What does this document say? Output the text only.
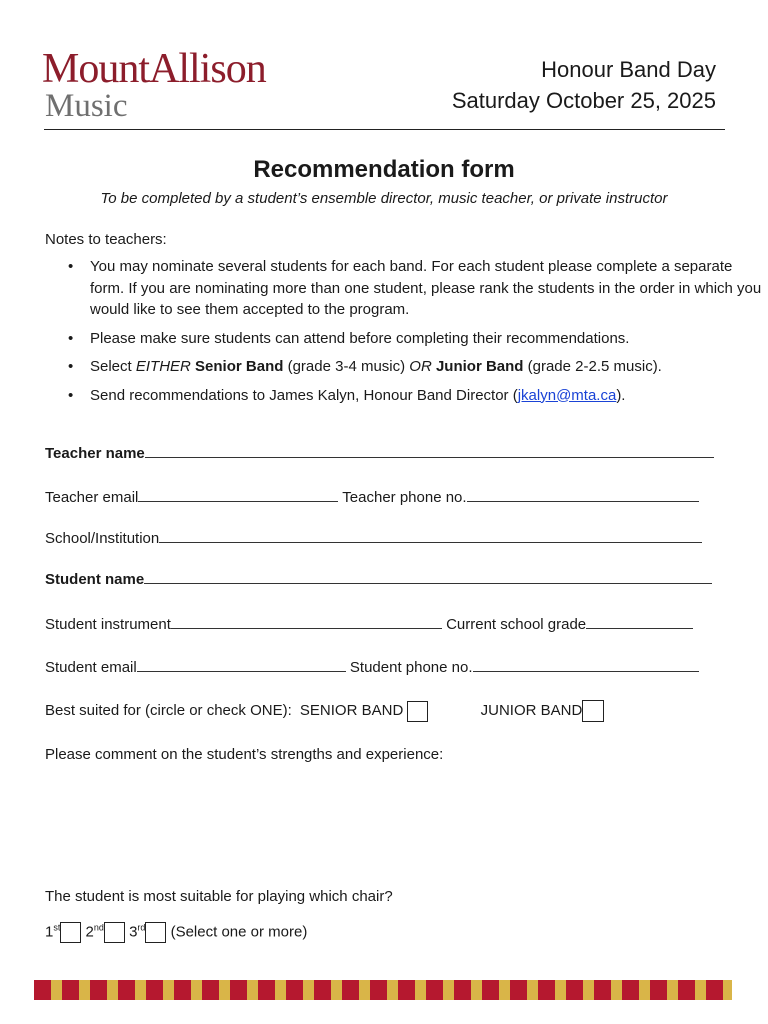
MountAllison
Music
Honour Band Day
Saturday October 25, 2025
Recommendation form
To be completed by a student’s ensemble director, music teacher, or private instructor
Notes to teachers:
• You may nominate several students for each band. For each student please complete a separate form. If you are nominating more than one student, please rank the students in the order in which you would like to see them accepted to the program.
• Please make sure students can attend before completing their recommendations.
• Select EITHER Senior Band (grade 3-4 music) OR Junior Band (grade 2-2.5 music).
• Send recommendations to James Kalyn, Honour Band Director (jkalyn@mta.ca).
Teacher name
Teacher email	Teacher phone no.
School/Institution
Student name
Student instrument	Current school grade
Student email	Student phone no.
Best suited for (circle or check ONE): SENIOR BAND	JUNIOR BAND
Please comment on the student’s strengths and experience:
The student is most suitable for playing which chair?
1st 2nd 3rd (Select one or more)
